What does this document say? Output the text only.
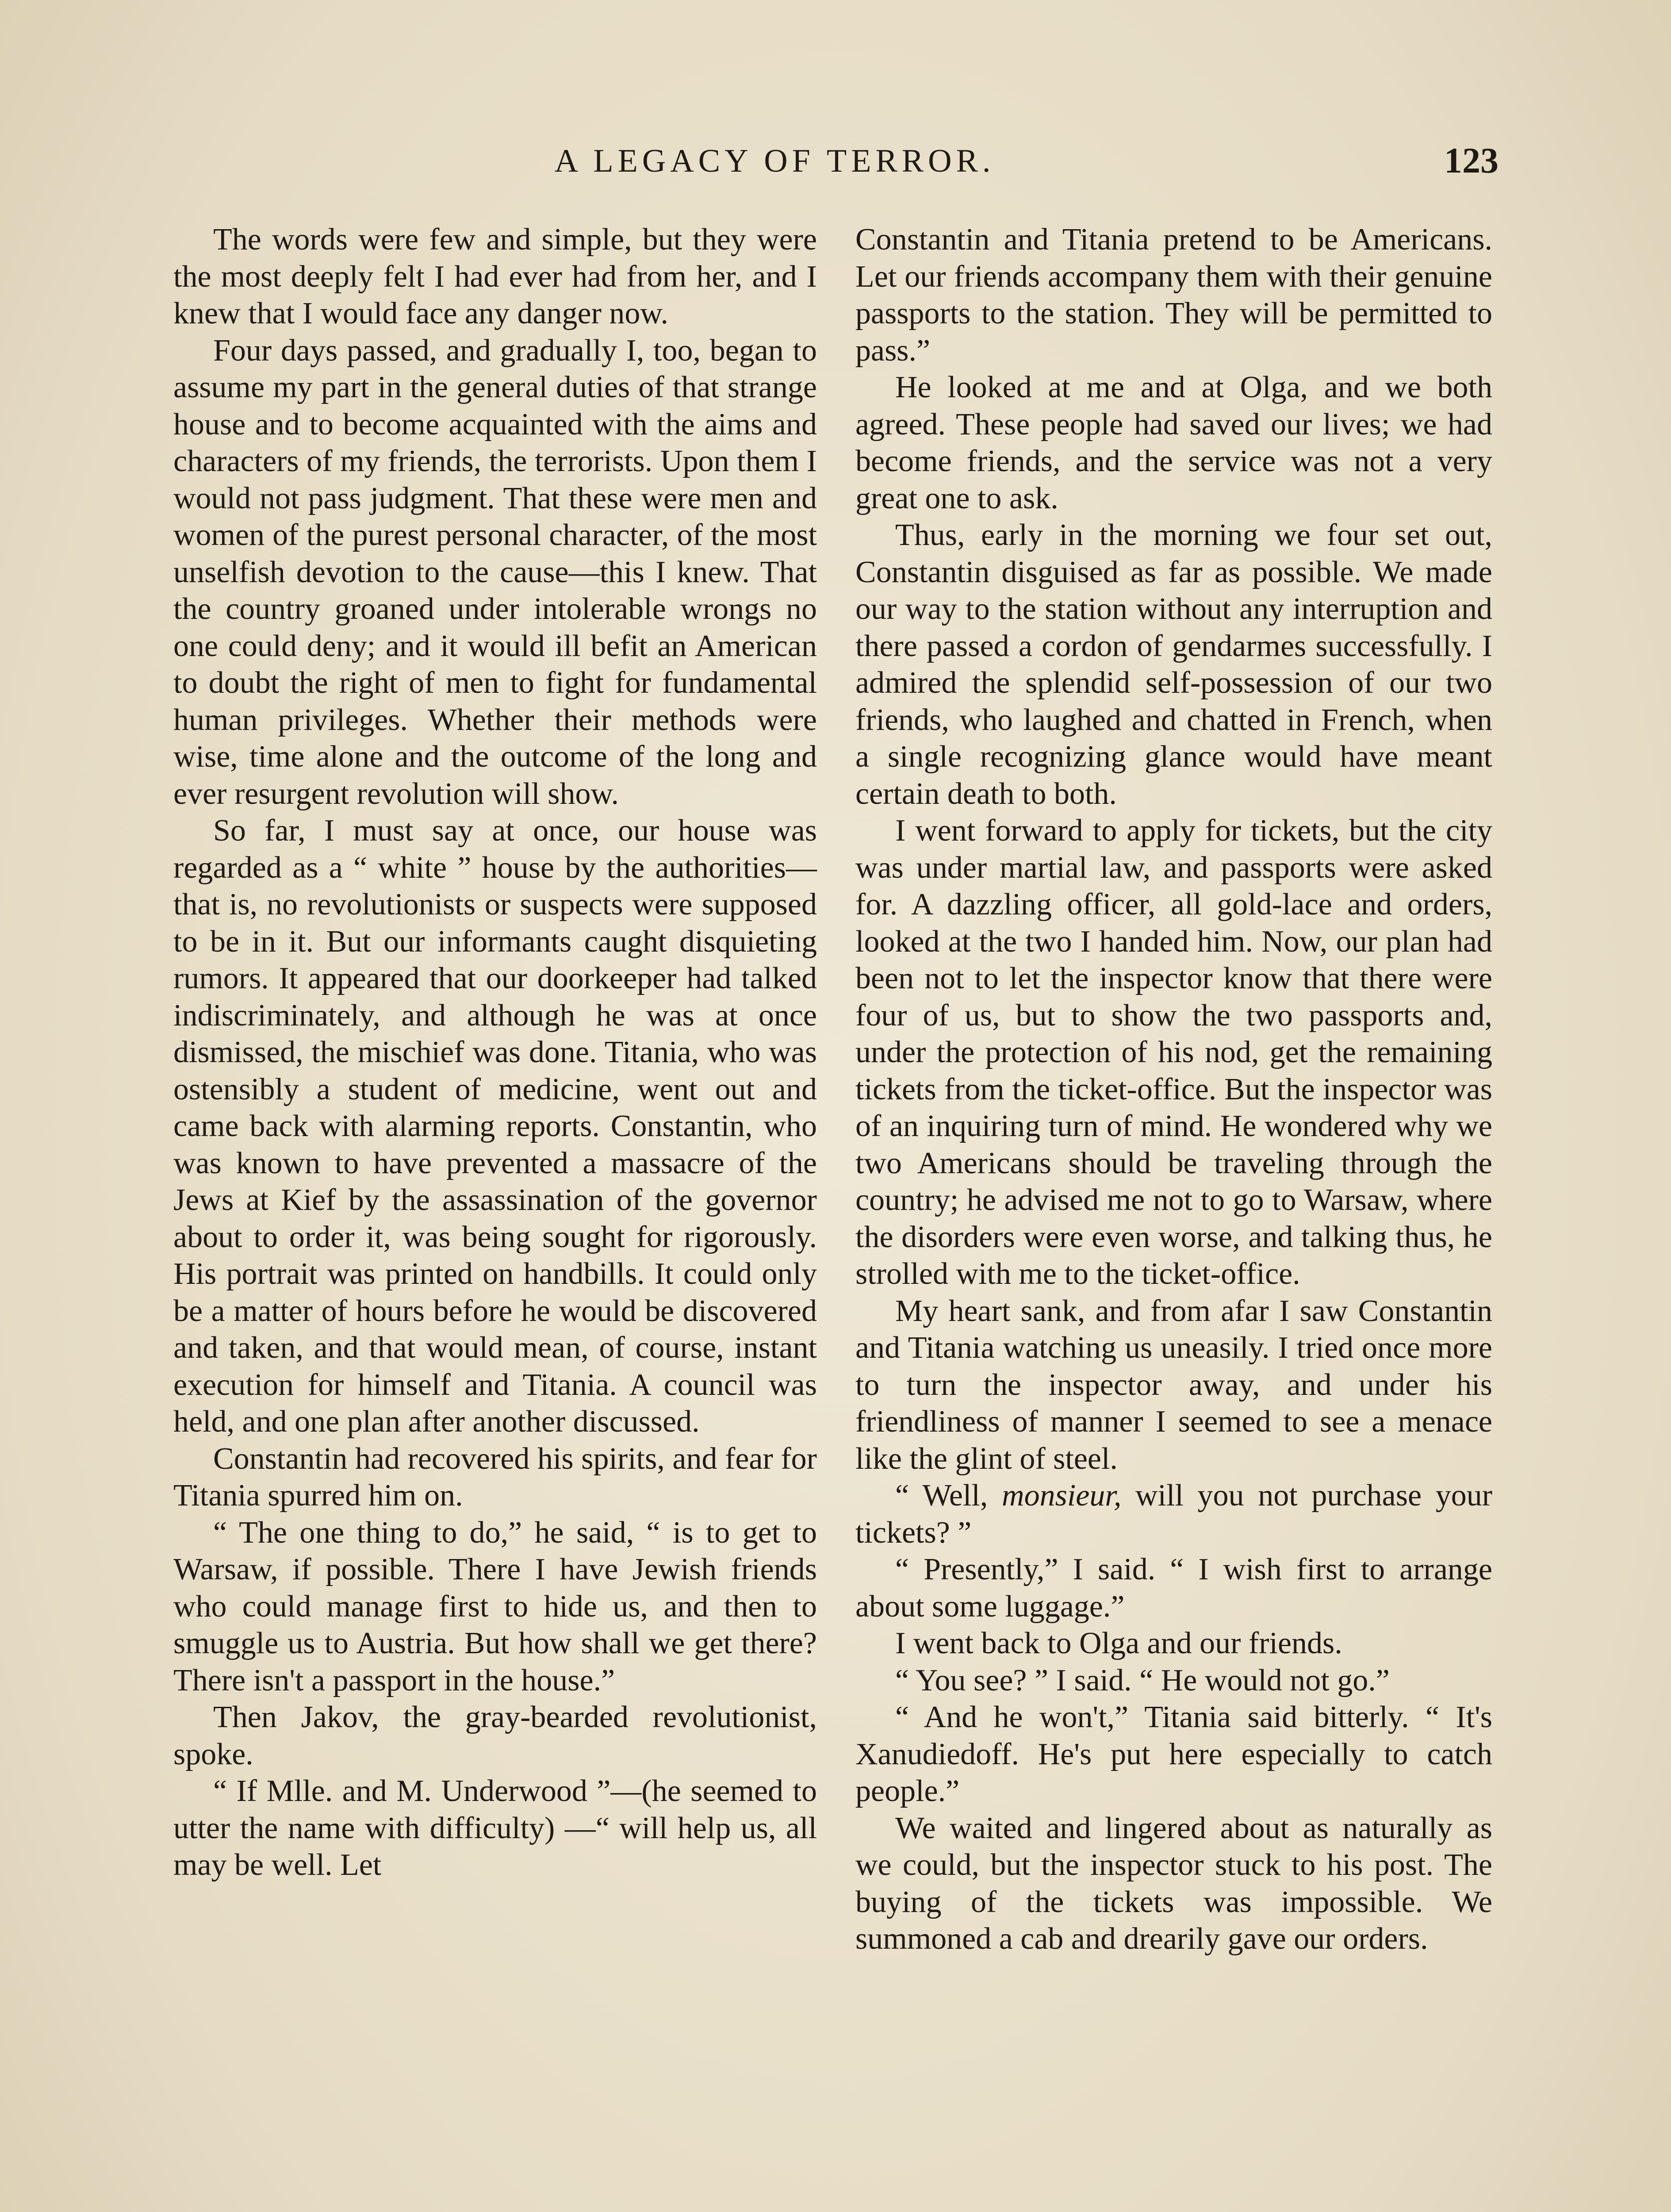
A LEGACY OF TERROR.	123

The words were few and simple, but they were the most deeply felt I had ever had from her, and I knew that I would face any danger now.

Four days passed, and gradually I, too, began to assume my part in the general duties of that strange house and to become acquainted with the aims and characters of my friends, the terrorists. Upon them I would not pass judgment. That these were men and women of the purest personal character, of the most unselfish devotion to the cause—this I knew. That the country groaned under intolerable wrongs no one could deny; and it would ill befit an American to doubt the right of men to fight for fundamental human privileges. Whether their methods were wise, time alone and the outcome of the long and ever resurgent revolution will show.

So far, I must say at once, our house was regarded as a “ white ” house by the authorities—that is, no revolutionists or suspects were supposed to be in it. But our informants caught disquieting rumors. It appeared that our doorkeeper had talked indiscriminately, and although he was at once dismissed, the mischief was done. Titania, who was ostensibly a student of medicine, went out and came back with alarming reports. Constantin, who was known to have prevented a massacre of the Jews at Kief by the assassination of the governor about to order it, was being sought for rigorously. His portrait was printed on handbills. It could only be a matter of hours before he would be discovered and taken, and that would mean, of course, instant execution for himself and Titania. A council was held, and one plan after another discussed.

Constantin had recovered his spirits, and fear for Titania spurred him on.

“ The one thing to do,” he said, “ is to get to Warsaw, if possible. There I have Jewish friends who could manage first to hide us, and then to smuggle us to Austria. But how shall we get there? There isn't a passport in the house.”

Then Jakov, the gray-bearded revolutionist, spoke.

“ If Mlle. and M. Underwood ”—(he seemed to utter the name with difficulty) —“ will help us, all may be well. Let

Constantin and Titania pretend to be Americans. Let our friends accompany them with their genuine passports to the station. They will be permitted to pass.”

He looked at me and at Olga, and we both agreed. These people had saved our lives; we had become friends, and the service was not a very great one to ask.

Thus, early in the morning we four set out, Constantin disguised as far as possible. We made our way to the station without any interruption and there passed a cordon of gendarmes successfully. I admired the splendid self-possession of our two friends, who laughed and chatted in French, when a single recognizing glance would have meant certain death to both.

I went forward to apply for tickets, but the city was under martial law, and passports were asked for. A dazzling officer, all gold-lace and orders, looked at the two I handed him. Now, our plan had been not to let the inspector know that there were four of us, but to show the two passports and, under the protection of his nod, get the remaining tickets from the ticket-office. But the inspector was of an inquiring turn of mind. He wondered why we two Americans should be traveling through the country; he advised me not to go to Warsaw, where the disorders were even worse, and talking thus, he strolled with me to the ticket-office.

My heart sank, and from afar I saw Constantin and Titania watching us uneasily. I tried once more to turn the inspector away, and under his friendliness of manner I seemed to see a menace like the glint of steel.

“ Well, monsieur, will you not purchase your tickets? ”

“ Presently,” I said. “ I wish first to arrange about some luggage.”

I went back to Olga and our friends.

“ You see? ” I said. “ He would not go.”

“ And he won't,” Titania said bitterly. “ It's Xanudiedoff. He's put here especially to catch people.”

We waited and lingered about as naturally as we could, but the inspector stuck to his post. The buying of the tickets was impossible. We summoned a cab and drearily gave our orders.
